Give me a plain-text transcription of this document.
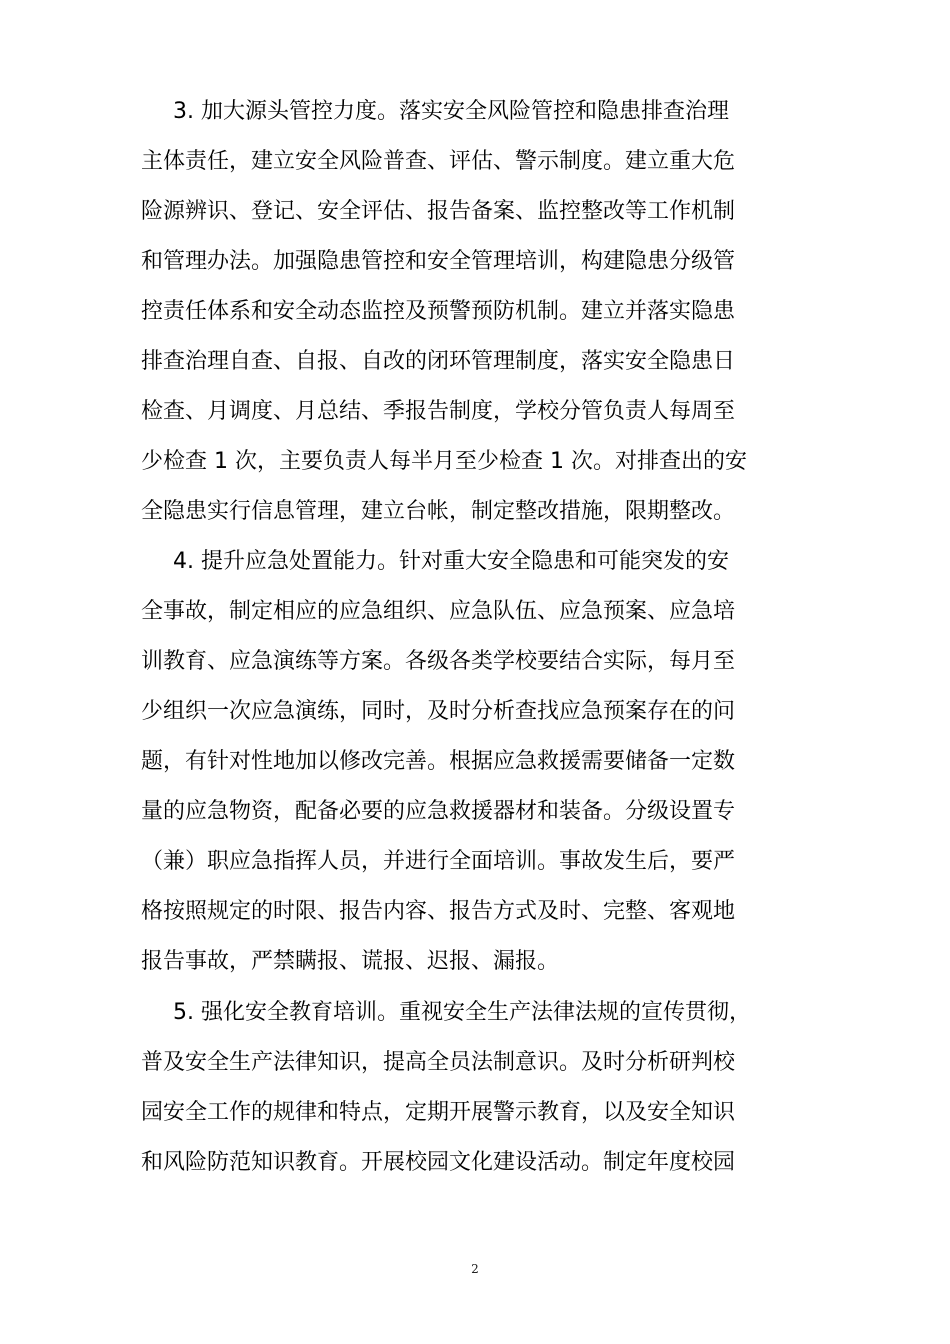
3. 加大源头管控力度。落实安全风险管控和隐患排查治理
主体责任，建立安全风险普查、评估、警示制度。建立重大危
险源辨识、登记、安全评估、报告备案、监控整改等工作机制
和管理办法。加强隐患管控和安全管理培训，构建隐患分级管
控责任体系和安全动态监控及预警预防机制。建立并落实隐患
排查治理自查、自报、自改的闭环管理制度，落实安全隐患日
检查、月调度、月总结、季报告制度，学校分管负责人每周至
少检查 1 次，主要负责人每半月至少检查 1 次。对排查出的安
全隐患实行信息管理，建立台帐，制定整改措施，限期整改。
4. 提升应急处置能力。针对重大安全隐患和可能突发的安
全事故，制定相应的应急组织、应急队伍、应急预案、应急培
训教育、应急演练等方案。各级各类学校要结合实际，每月至
少组织一次应急演练，同时，及时分析查找应急预案存在的问
题，有针对性地加以修改完善。根据应急救援需要储备一定数
量的应急物资，配备必要的应急救援器材和装备。分级设置专
（兼）职应急指挥人员，并进行全面培训。事故发生后，要严
格按照规定的时限、报告内容、报告方式及时、完整、客观地
报告事故，严禁瞒报、谎报、迟报、漏报。
5. 强化安全教育培训。重视安全生产法律法规的宣传贯彻，
普及安全生产法律知识，提高全员法制意识。及时分析研判校
园安全工作的规律和特点，定期开展警示教育，以及安全知识
和风险防范知识教育。开展校园文化建设活动。制定年度校园
2
